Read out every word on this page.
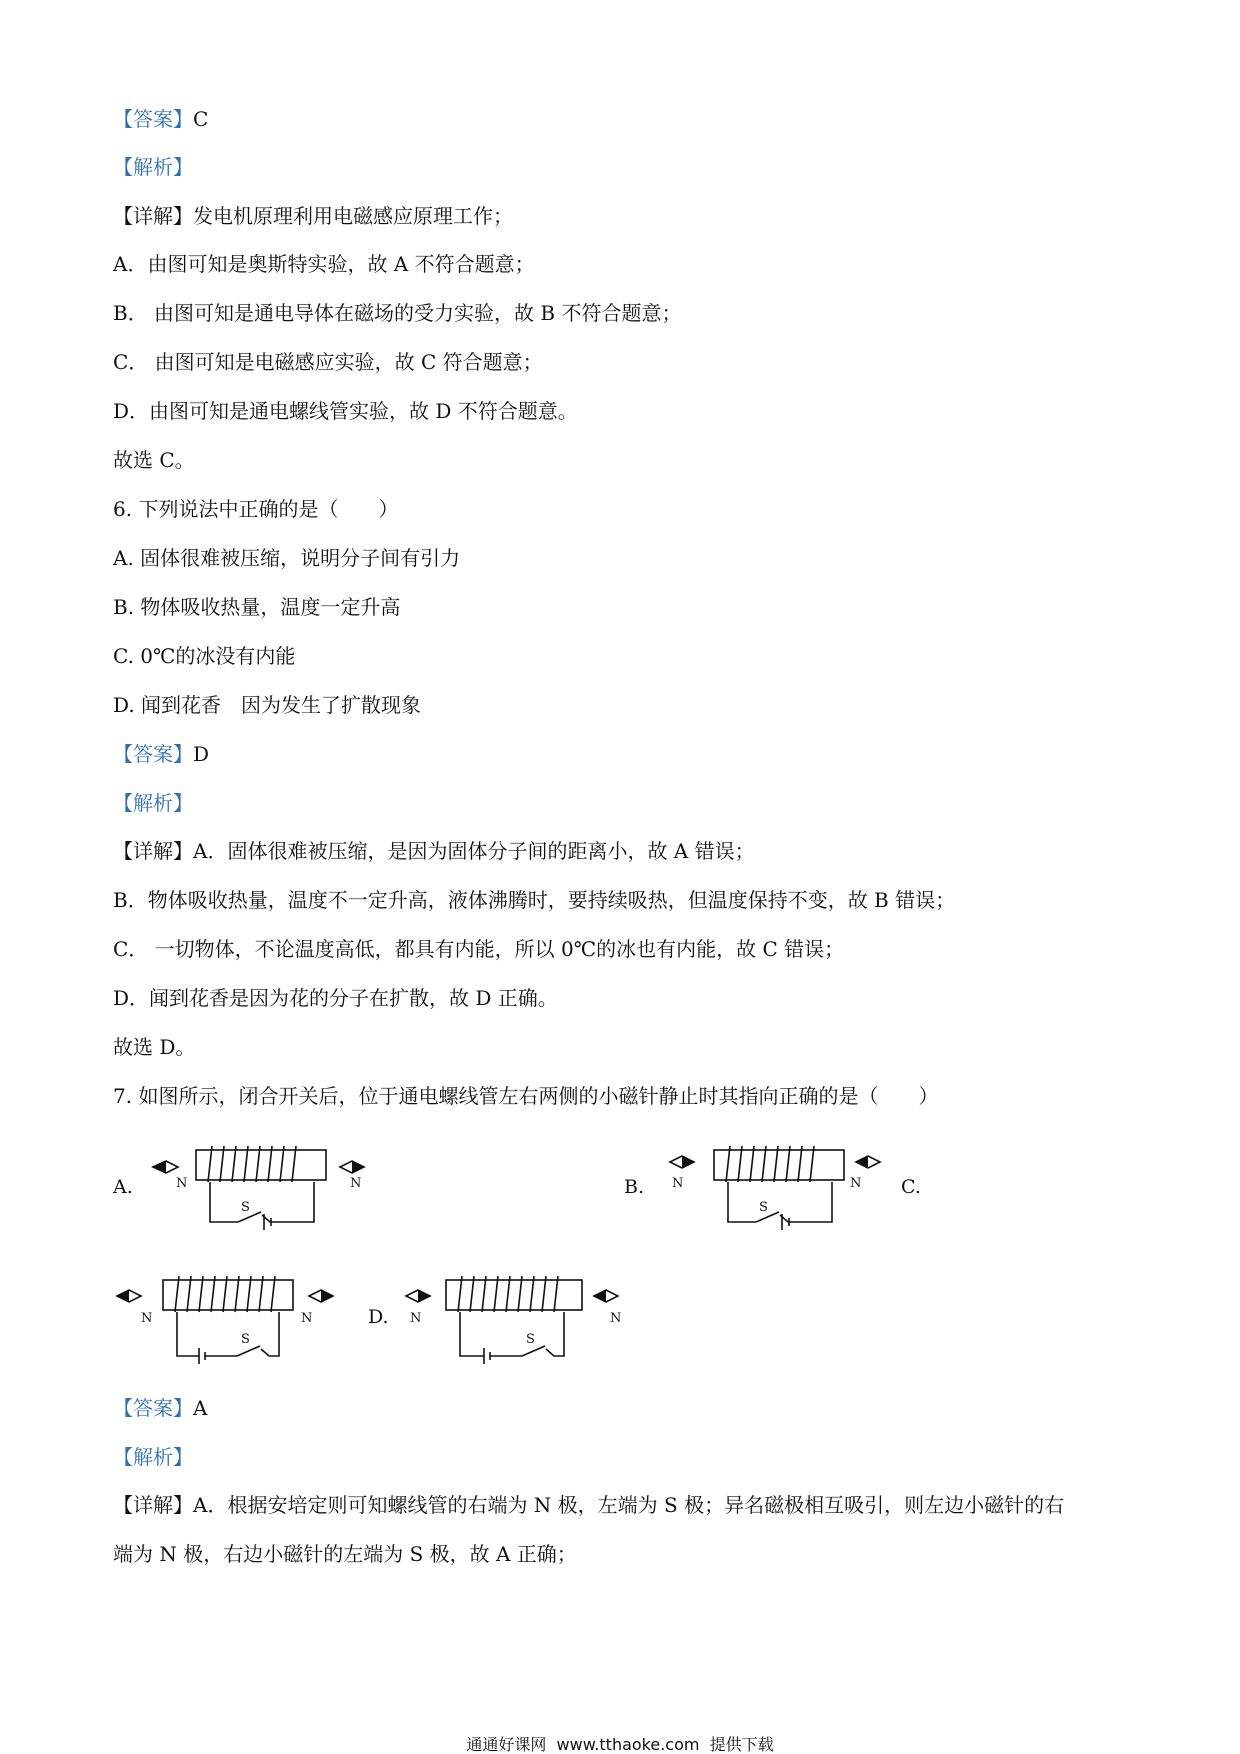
【答案】C
【解析】
【详解】发电机原理利用电磁感应原理工作；
A．由图可知是奥斯特实验，故 A 不符合题意；
B． 由图可知是通电导体在磁场的受力实验，故 B 不符合题意；
C． 由图可知是电磁感应实验，故 C 符合题意；
D．由图可知是通电螺线管实验，故 D 不符合题意。
故选 C。
6. 下列说法中正确的是（　　）
A. 固体很难被压缩，说明分子间有引力
B. 物体吸收热量，温度一定升高
C. 0℃的冰没有内能
D. 闻到花香　因为发生了扩散现象
【答案】D
【解析】
【详解】A．固体很难被压缩，是因为固体分子间的距离小，故 A 错误；
B．物体吸收热量，温度不一定升高，液体沸腾时，要持续吸热，但温度保持不变，故 B 错误；
C． 一切物体，不论温度高低，都具有内能，所以 0℃的冰也有内能，故 C 错误；
D．闻到花香是因为花的分子在扩散，故 D 正确。
故选 D。
7. 如图所示，闭合开关后，位于通电螺线管左右两侧的小磁针静止时其指向正确的是（　　）
A.	N	N
S
B. N	N
S
C.
N	N
S
D. N	N
S
【答案】A
【解析】
【详解】A．根据安培定则可知螺线管的右端为 N 极，左端为 S 极；异名磁极相互吸引，则左边小磁针的右
端为 N 极，右边小磁针的左端为 S 极，故 A 正确；
通通好课网 www.tthaoke.com 提供下载
